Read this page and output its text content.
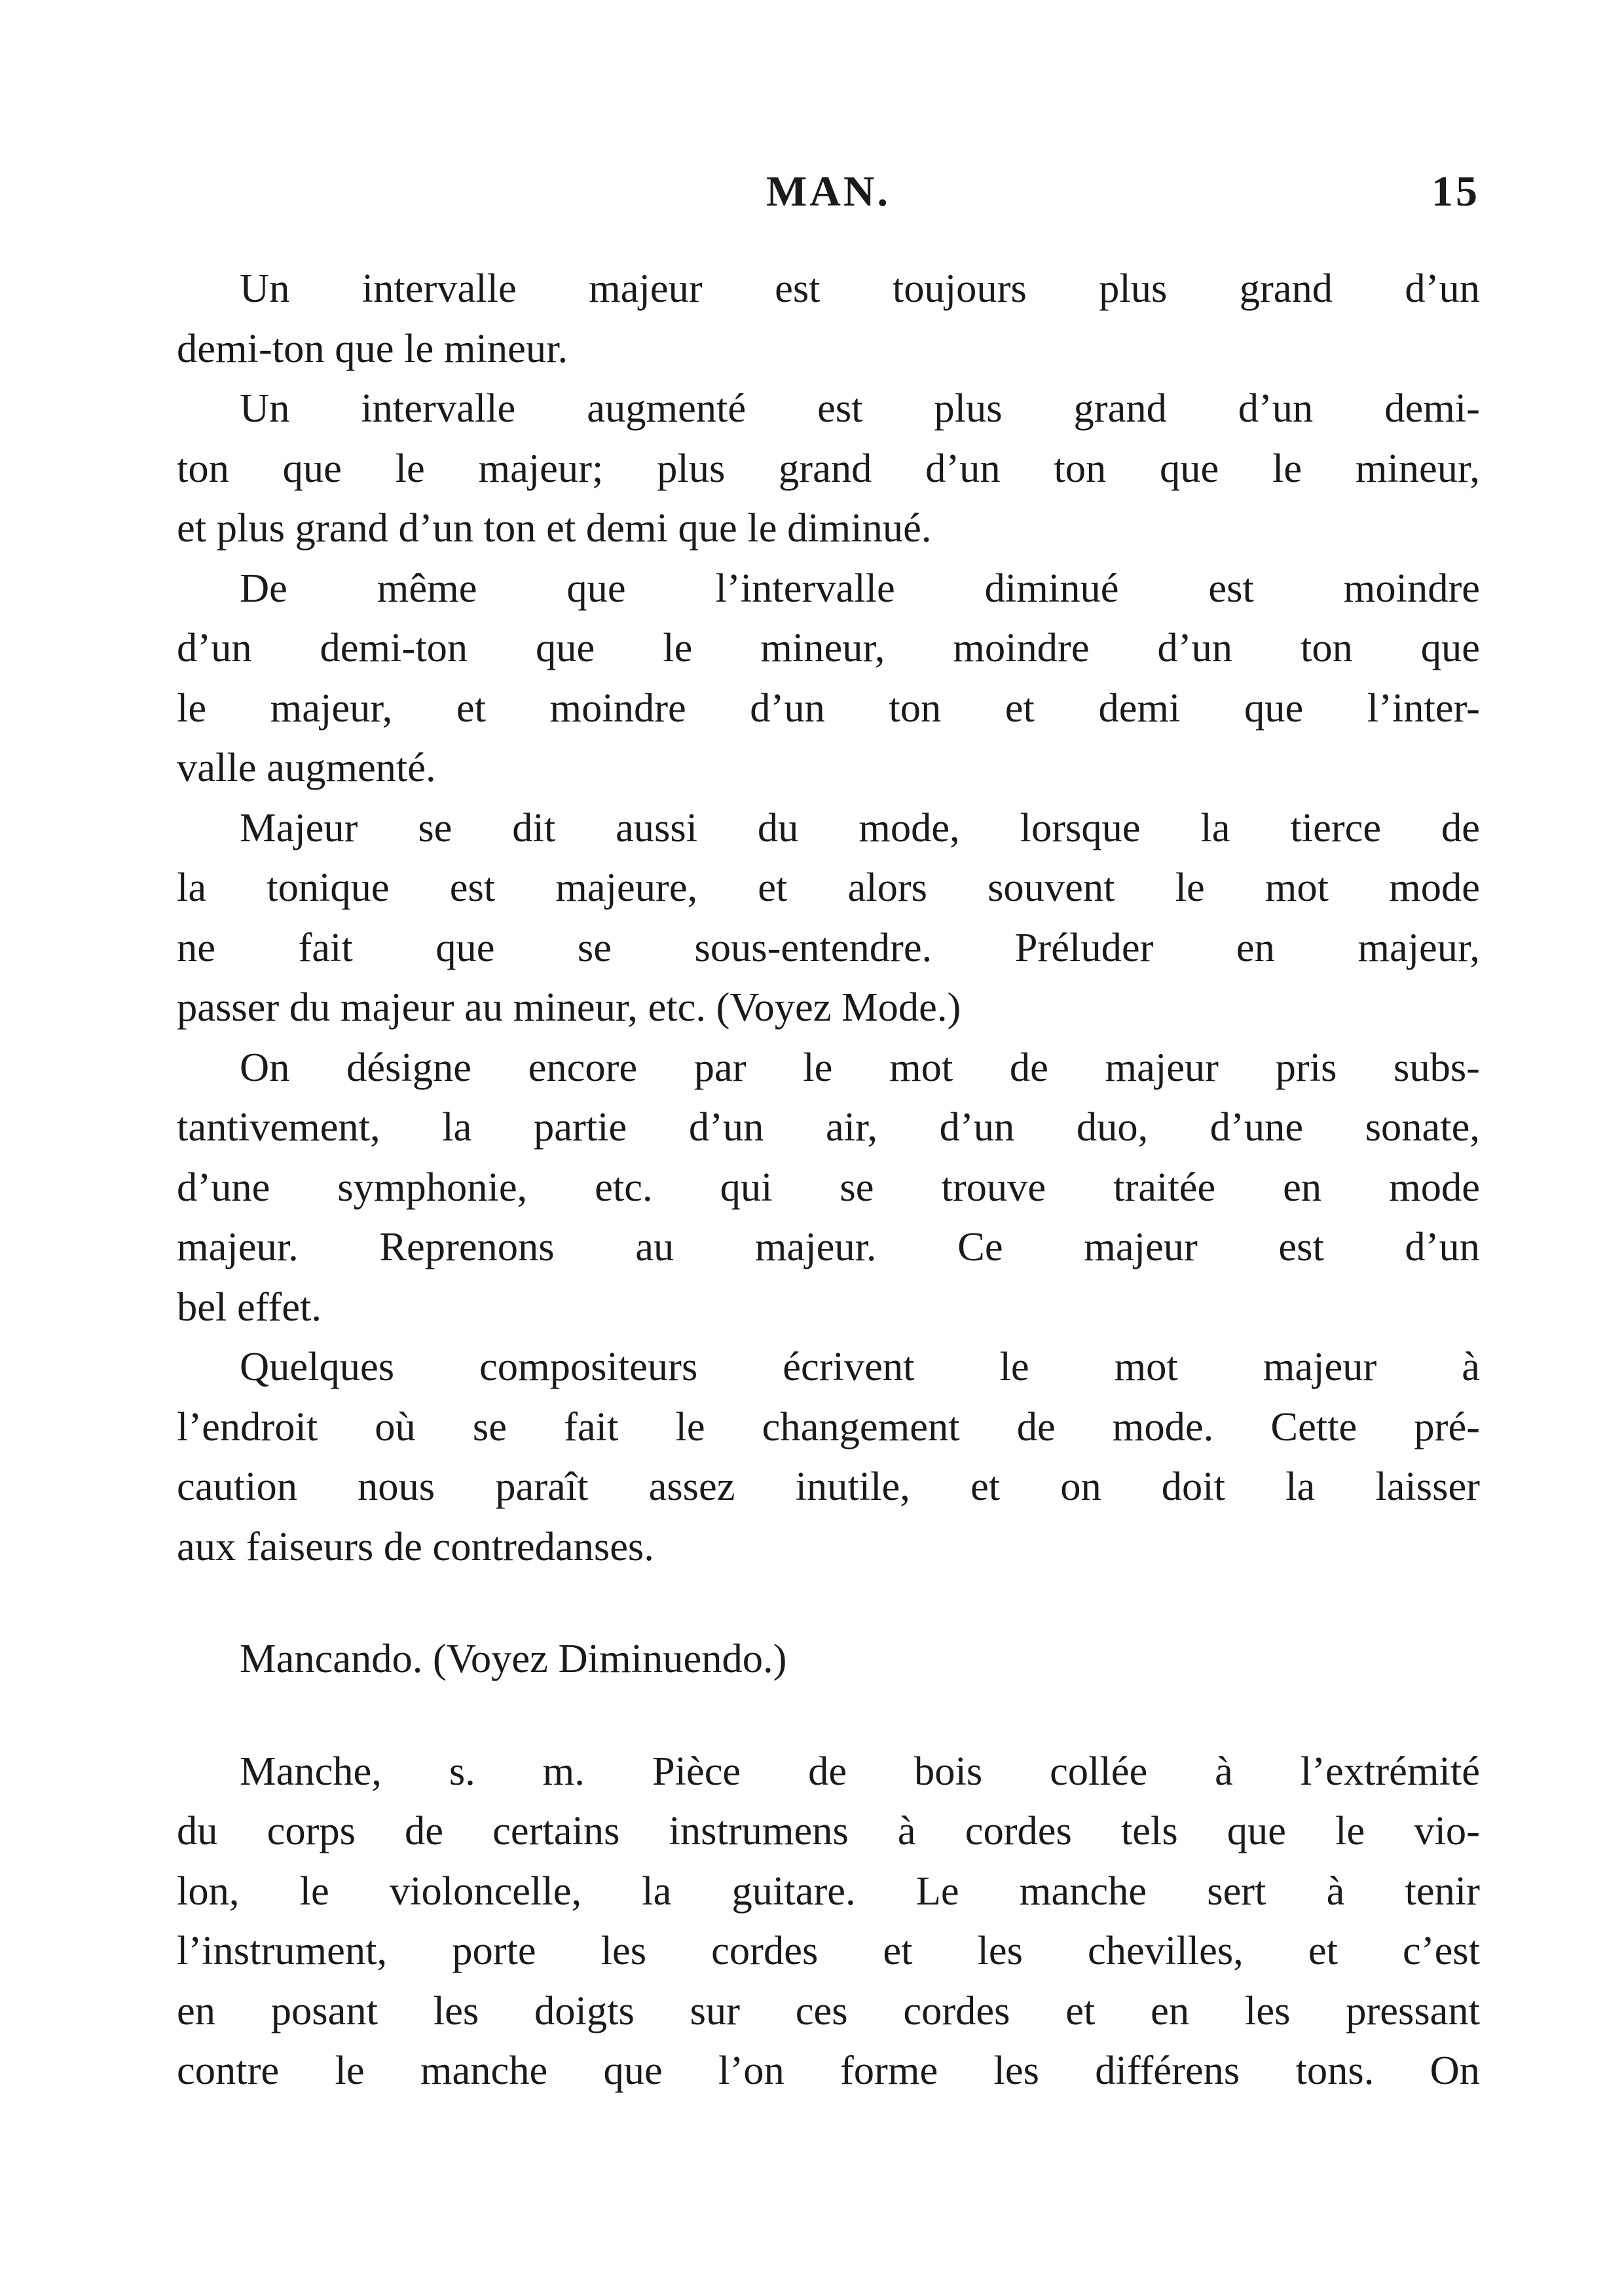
MAN.	15
Un intervalle majeur est toujours plus grand d’un
demi-ton que le mineur.
Un intervalle augmenté est plus grand d’un demi-
ton que le majeur; plus grand d’un ton que le mineur,
et plus grand d’un ton et demi que le diminué.
De même que l’intervalle diminué est moindre
d’un demi-ton que le mineur, moindre d’un ton que
le majeur, et moindre d’un ton et demi que l’inter-
valle augmenté.
Majeur se dit aussi du mode, lorsque la tierce de
la tonique est majeure, et alors souvent le mot mode
ne fait que se sous-entendre. Préluder en majeur,
passer du majeur au mineur, etc. (Voyez Mode.)
On désigne encore par le mot de majeur pris subs-
tantivement, la partie d’un air, d’un duo, d’une sonate,
d’une symphonie, etc. qui se trouve traitée en mode
majeur. Reprenons au majeur. Ce majeur est d’un
bel effet.
Quelques compositeurs écrivent le mot majeur à
l’endroit où se fait le changement de mode. Cette pré-
caution nous paraît assez inutile, et on doit la laisser
aux faiseurs de contredanses.
Mancando. (Voyez Diminuendo.)
Manche, s. m. Pièce de bois collée à l’extrémité
du corps de certains instrumens à cordes tels que le vio-
lon, le violoncelle, la guitare. Le manche sert à tenir
l’instrument, porte les cordes et les chevilles, et c’est
en posant les doigts sur ces cordes et en les pressant
contre le manche que l’on forme les différens tons. On
